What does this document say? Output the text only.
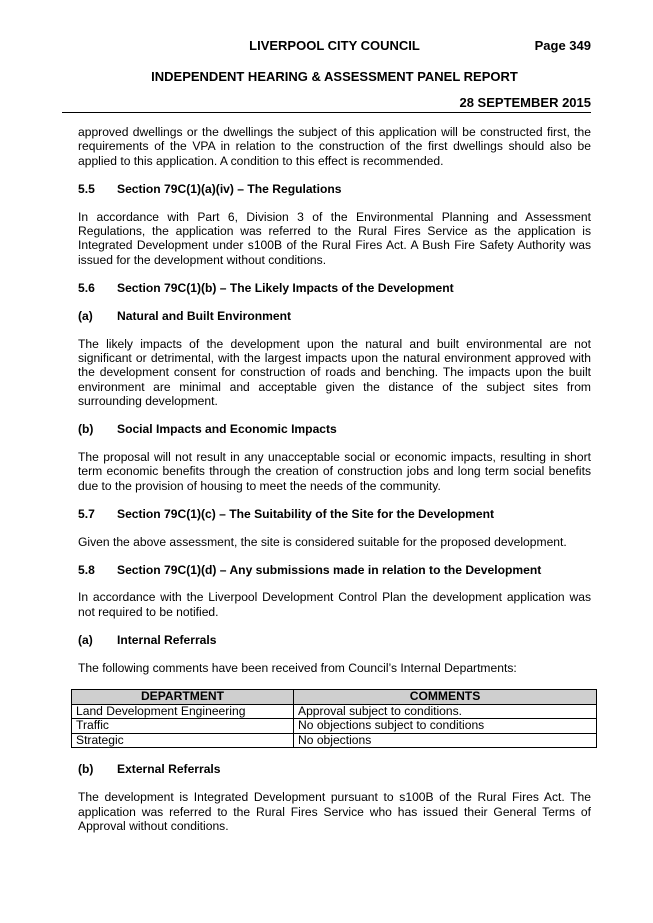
LIVERPOOL CITY COUNCIL	Page 349
INDEPENDENT HEARING & ASSESSMENT PANEL REPORT
28 SEPTEMBER 2015

approved dwellings or the dwellings the subject of this application will be constructed first, the requirements of the VPA in relation to the construction of the first dwellings should also be applied to this application. A condition to this effect is recommended.

5.5	Section 79C(1)(a)(iv) – The Regulations

In accordance with Part 6, Division 3 of the Environmental Planning and Assessment Regulations, the application was referred to the Rural Fires Service as the application is Integrated Development under s100B of the Rural Fires Act. A Bush Fire Safety Authority was issued for the development without conditions.

5.6	Section 79C(1)(b) – The Likely Impacts of the Development
(a)	Natural and Built Environment

The likely impacts of the development upon the natural and built environmental are not significant or detrimental, with the largest impacts upon the natural environment approved with the development consent for construction of roads and benching. The impacts upon the built environment are minimal and acceptable given the distance of the subject sites from surrounding development.

(b)	Social Impacts and Economic Impacts

The proposal will not result in any unacceptable social or economic impacts, resulting in short term economic benefits through the creation of construction jobs and long term social benefits due to the provision of housing to meet the needs of the community.

5.7	Section 79C(1)(c) – The Suitability of the Site for the Development

Given the above assessment, the site is considered suitable for the proposed development.

5.8	Section 79C(1)(d) – Any submissions made in relation to the Development

In accordance with the Liverpool Development Control Plan the development application was not required to be notified.

(a)	Internal Referrals

The following comments have been received from Council’s Internal Departments:

DEPARTMENT	COMMENTS
Land Development Engineering	Approval subject to conditions.
Traffic	No objections subject to conditions
Strategic	No objections
(b)	External Referrals

The development is Integrated Development pursuant to s100B of the Rural Fires Act. The application was referred to the Rural Fires Service who has issued their General Terms of Approval without conditions.
